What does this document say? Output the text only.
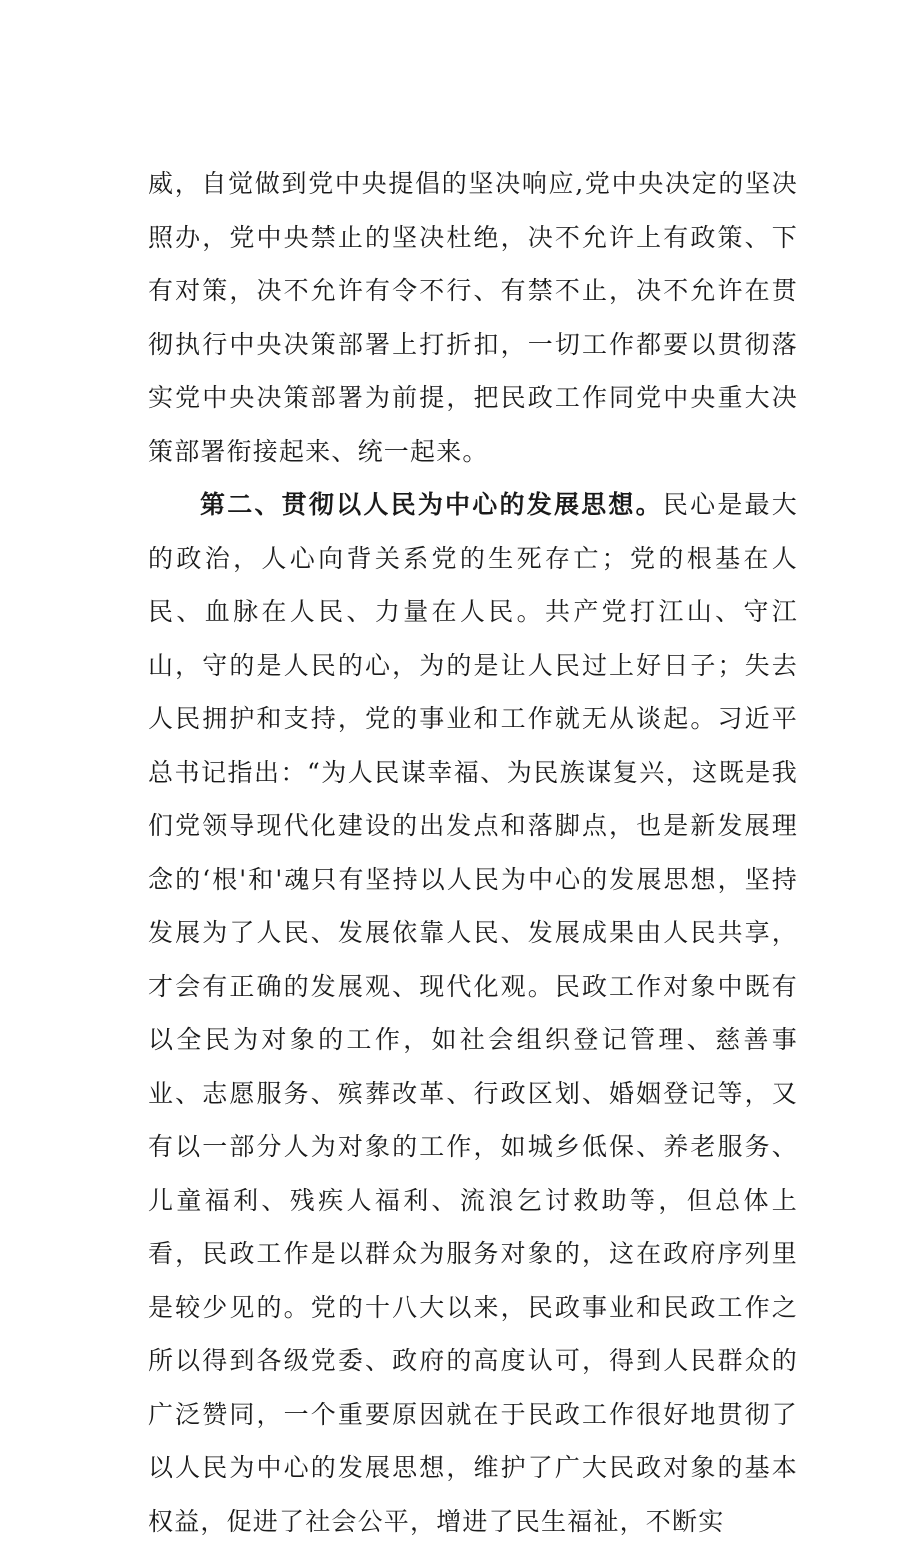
威，自觉做到党中央提倡的坚决响应,党中央决定的坚决照办，党中央禁止的坚决杜绝，决不允许上有政策、下有对策，决不允许有令不行、有禁不止，决不允许在贯彻执行中央决策部署上打折扣，一切工作都要以贯彻落实党中央决策部署为前提，把民政工作同党中央重大决策部署衔接起来、统一起来。

第二、贯彻以人民为中心的发展思想。民心是最大的政治，人心向背关系党的生死存亡；党的根基在人民、血脉在人民、力量在人民。共产党打江山、守江山，守的是人民的心，为的是让人民过上好日子；失去人民拥护和支持，党的事业和工作就无从谈起。习近平总书记指出：“为人民谋幸福、为民族谋复兴，这既是我们党领导现代化建设的出发点和落脚点，也是新发展理念的‘根'和'魂只有坚持以人民为中心的发展思想，坚持发展为了人民、发展依靠人民、发展成果由人民共享，才会有正确的发展观、现代化观。民政工作对象中既有以全民为对象的工作，如社会组织登记管理、慈善事业、志愿服务、殡葬改革、行政区划、婚姻登记等，又有以一部分人为对象的工作，如城乡低保、养老服务、儿童福利、残疾人福利、流浪乞讨救助等，但总体上看，民政工作是以群众为服务对象的，这在政府序列里是较少见的。党的十八大以来，民政事业和民政工作之所以得到各级党委、政府的高度认可，得到人民群众的广泛赞同，一个重要原因就在于民政工作很好地贯彻了以人民为中心的发展思想，维护了广大民政对象的基本权益，促进了社会公平，增进了民生福祉，不断实
